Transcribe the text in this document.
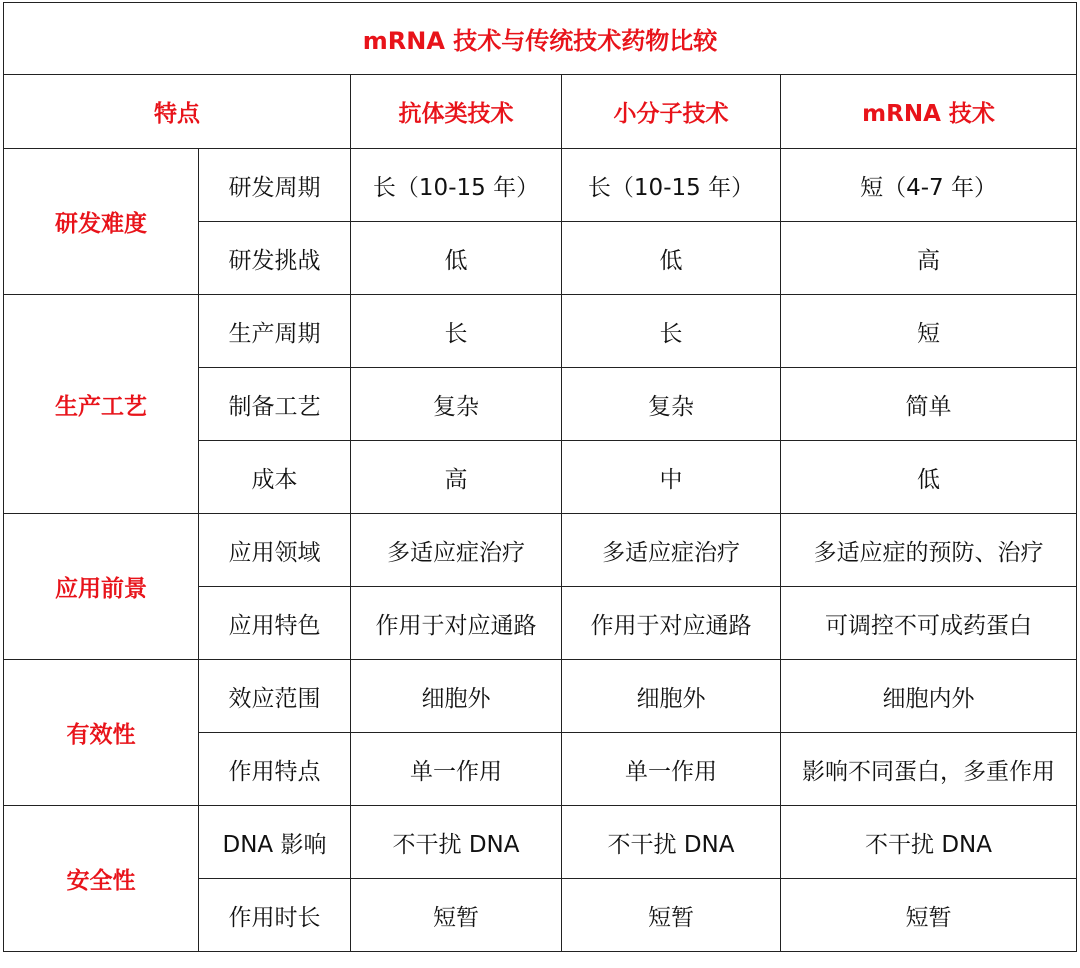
mRNA 技术与传统技术药物比较				
特点		抗体类技术	小分子技术	mRNA 技术
研发难度	研发周期	长（10-15 年）	长（10-15 年）	短（4-7 年）
	研发挑战	低	低	高
生产工艺	生产周期	长	长	短
	制备工艺	复杂	复杂	简单
	成本	高	中	低
应用前景	应用领域	多适应症治疗	多适应症治疗	多适应症的预防、治疗
	应用特色	作用于对应通路	作用于对应通路	可调控不可成药蛋白
有效性	效应范围	细胞外	细胞外	细胞内外
	作用特点	单一作用	单一作用	影响不同蛋白，多重作用
安全性	DNA 影响	不干扰 DNA	不干扰 DNA	不干扰 DNA
	作用时长	短暂	短暂	短暂
